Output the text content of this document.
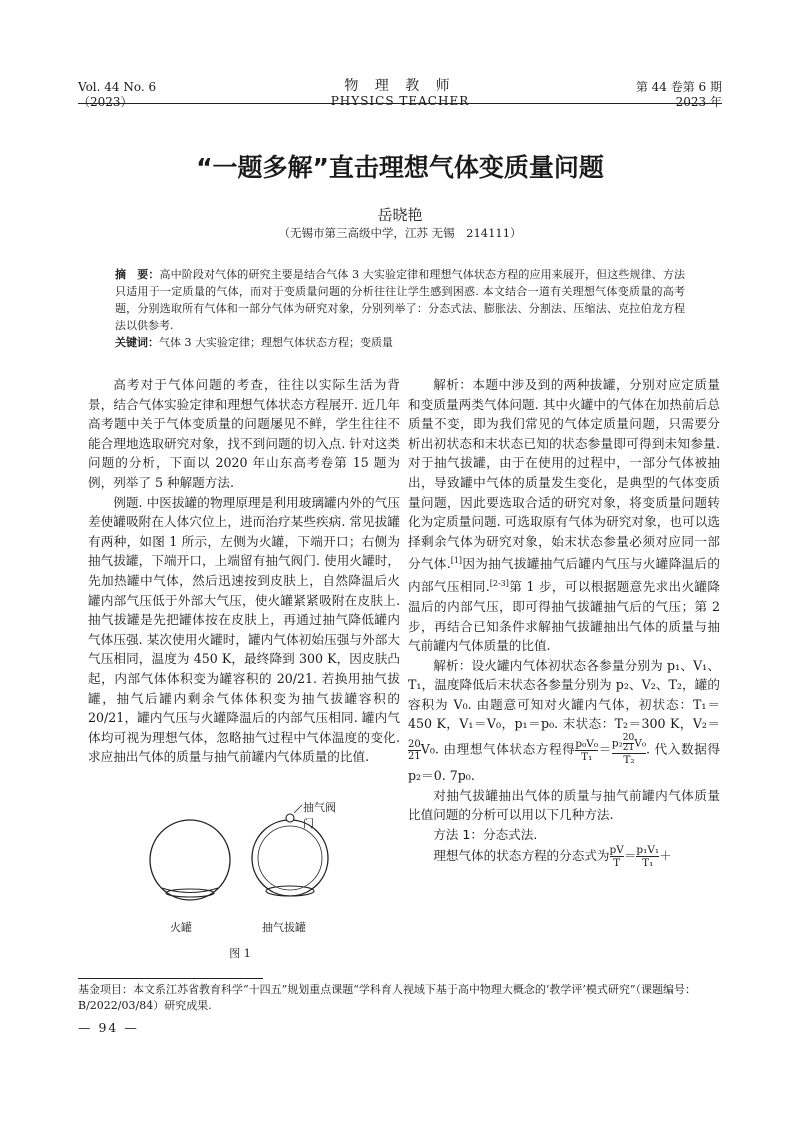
Vol. 44 No. 6
（2023）
物 理 教 师
PHYSICS TEACHER
第 44 卷第 6 期
2023 年
“一题多解”直击理想气体变质量问题
岳晓艳
（无锡市第三高级中学，江苏 无锡　214111）

摘　要：高中阶段对气体的研究主要是结合气体 3 大实验定律和理想气体状态方程的应用来展开，但这些规律、方法只适用于一定质量的气体，而对于变质量问题的分析往往让学生感到困惑. 本文结合一道有关理想气体变质量的高考题，分别选取所有气体和一部分气体为研究对象，分别列举了：分态式法、膨胀法、分割法、压缩法、克拉伯龙方程法以供参考.

关键词：气体 3 大实验定律；理想气体状态方程；变质量

高考对于气体问题的考查，往往以实际生活为背景，结合气体实验定律和理想气体状态方程展开. 近几年高考题中关于气体变质量的问题屡见不鲜，学生往往不能合理地选取研究对象，找不到问题的切入点. 针对这类问题的分析，下面以 2020 年山东高考卷第 15 题为例，列举了 5 种解题方法.

例题. 中医拔罐的物理原理是利用玻璃罐内外的气压差使罐吸附在人体穴位上，进而治疗某些疾病. 常见拔罐有两种，如图 1 所示，左侧为火罐，下端开口；右侧为抽气拔罐，下端开口，上端留有抽气阀门. 使用火罐时，先加热罐中气体，然后迅速按到皮肤上，自然降温后火罐内部气压低于外部大气压，使火罐紧紧吸附在皮肤上. 抽气拔罐是先把罐体按在皮肤上，再通过抽气降低罐内气体压强. 某次使用火罐时，罐内气体初始压强与外部大气压相同，温度为 450 K，最终降到 300 K，因皮肤凸起，内部气体体积变为罐容积的 20/21. 若换用抽气拔罐，抽气后罐内剩余气体体积变为抽气拔罐容积的 20/21，罐内气压与火罐降温后的内部气压相同. 罐内气体均可视为理想气体，忽略抽气过程中气体温度的变化. 求应抽出气体的质量与抽气前罐内气体质量的比值.

抽气阀门
火罐	抽气拔罐
图 1

解析：本题中涉及到的两种拔罐，分别对应定质量和变质量两类气体问题. 其中火罐中的气体在加热前后总质量不变，即为我们常见的气体定质量问题，只需要分析出初状态和末状态已知的状态参量即可得到未知参量. 对于抽气拔罐，由于在使用的过程中，一部分气体被抽出，导致罐中气体的质量发生变化，是典型的气体变质量问题，因此要选取合适的研究对象，将变质量问题转化为定质量问题. 可选取原有气体为研究对象，也可以选择剩余气体为研究对象，始末状态参量必须对应同一部分气体.[1]因为抽气拔罐抽气后罐内气压与火罐降温后的内部气压相同.[2-3]第 1 步，可以根据题意先求出火罐降温后的内部气压，即可得抽气拔罐抽气后的气压；第 2 步，再结合已知条件求解抽气拔罐抽出气体的质量与抽气前罐内气体质量的比值.

解析：设火罐内气体初状态各参量分别为 p₁、V₁、T₁，温度降低后末状态各参量分别为 p₂、V₂、T₂，罐的容积为 V₀. 由题意可知对火罐内气体，初状态：T₁＝450 K，V₁＝V₀，p₁＝p₀. 末状态：T₂＝300 K，V₂＝
$\frac{20}{21} V_0$. 由理想气体状态方程得 $\frac{\text{p₀V₀}}{\text{T₁}} = \frac{p_2 \frac{20}{21} V_0}{\text{T₂}}$ . 代入数据得 p₂＝0. 7p₀.

对抽气拔罐抽出气体的质量与抽气前罐内气体质量比值问题的分析可以用以下几种方法.

方法 1：分态式法.

理想气体的状态方程的分态式为 $\frac{pV}{T} = \frac{\text{p₁V₁}}{\text{T₁}}$ ＋

基金项目：本文系江苏省教育科学“十四五”规划重点课题“学科育人视域下基于高中物理大概念的‘教学评’模式研究”（课题编号：B/2022/03/84）研究成果.
— 94 —
